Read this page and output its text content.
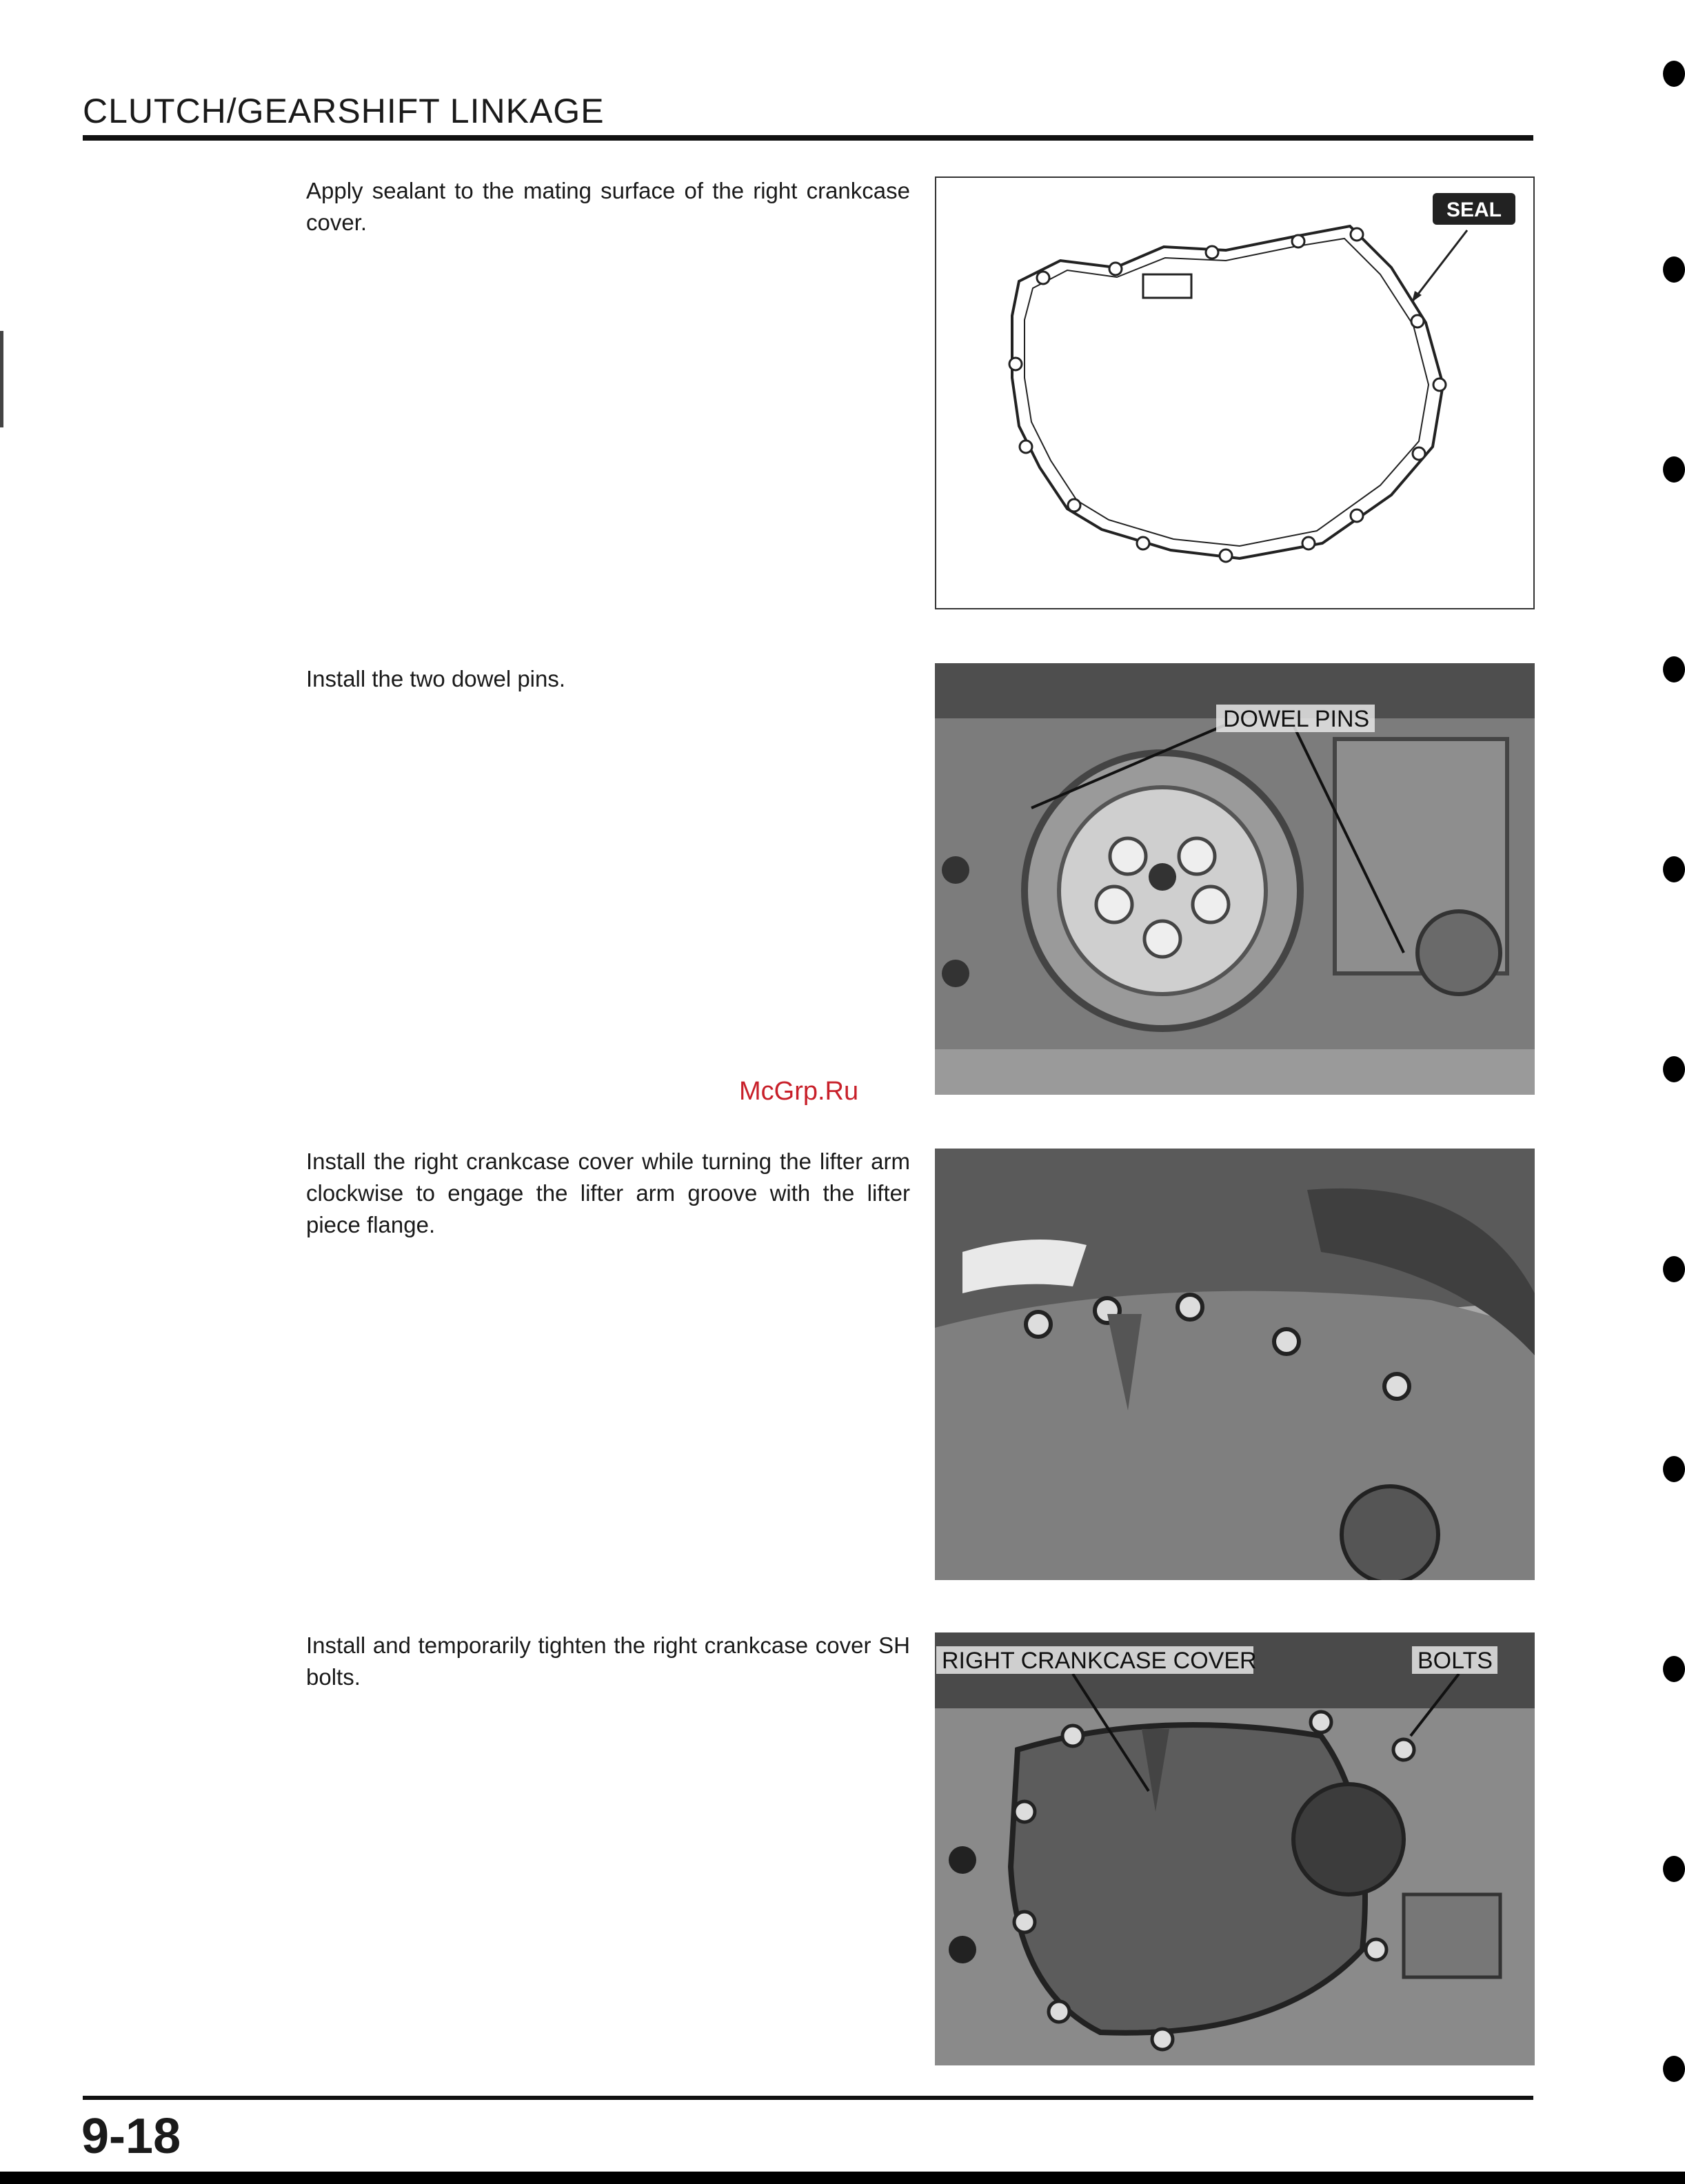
CLUTCH/GEARSHIFT LINKAGE
Apply sealant to the mating surface of the right crankcase cover.	SEAL
Install the two dowel pins.
DOWEL PINS
McGrp.Ru
Install the right crankcase cover while turning the lifter arm clockwise to engage the lifter arm groove with the lifter piece flange.
Install and temporarily tighten the right crankcase cover SH bolts.
RIGHT CRANKCASE COVER	BOLTS
9-18
